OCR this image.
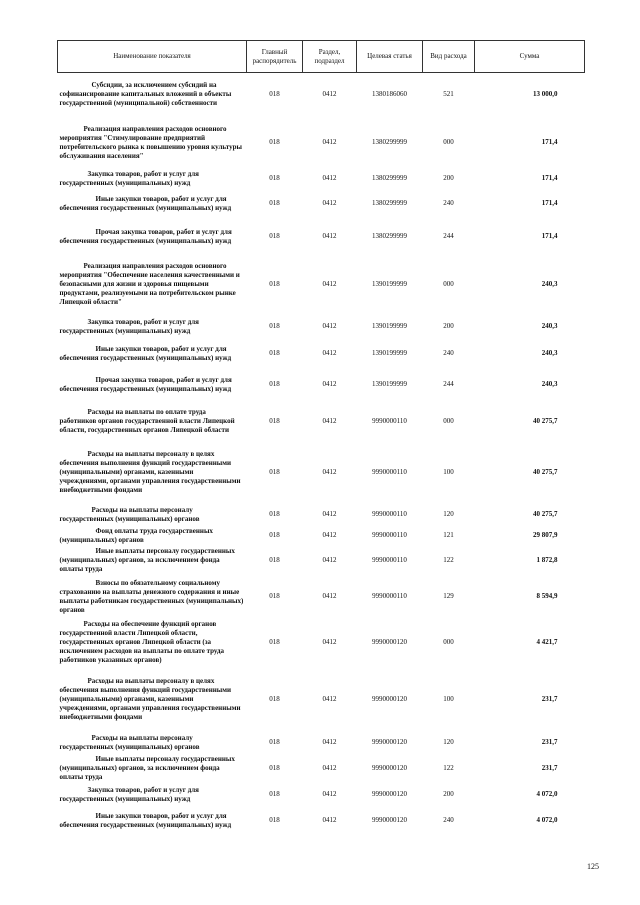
Наименование показателя	Главный распорядитель	Раздел, подраздел	Целевая статья	Вид расхода	Сумма
Субсидии, за исключением субсидий на софинансирование капитальных вложений в объекты государственной (муниципальной) собственности	018	0412	1380186060	521	13 000,0
Реализация направления расходов основного мероприятия "Стимулирование предприятий потребительского рынка к повышению уровня культуры обслуживания населения"	018	0412	1380299999	000	171,4
Закупка товаров, работ и услуг для государственных (муниципальных) нужд	018	0412	1380299999	200	171,4
Иные закупки товаров, работ и услуг для обеспечения государственных (муниципальных) нужд	018	0412	1380299999	240	171,4
Прочая закупка товаров, работ и услуг для обеспечения государственных (муниципальных) нужд	018	0412	1380299999	244	171,4
Реализация направления расходов основного мероприятия "Обеспечение населения качественными и безопасными для жизни и здоровья пищевыми продуктами, реализуемыми на потребительском рынке Липецкой области"	018	0412	1390199999	000	240,3
Закупка товаров, работ и услуг для государственных (муниципальных) нужд	018	0412	1390199999	200	240,3
Иные закупки товаров, работ и услуг для обеспечения государственных (муниципальных) нужд	018	0412	1390199999	240	240,3
Прочая закупка товаров, работ и услуг для обеспечения государственных (муниципальных) нужд	018	0412	1390199999	244	240,3
Расходы на выплаты по оплате труда работников органов государственной власти Липецкой области, государственных органов Липецкой области	018	0412	9990000110	000	40 275,7
Расходы на выплаты персоналу в целях обеспечения выполнения функций государственными (муниципальными) органами, казенными учреждениями, органами управления государственными внебюджетными фондами	018	0412	9990000110	100	40 275,7
Расходы на выплаты персоналу государственных (муниципальных) органов	018	0412	9990000110	120	40 275,7
Фонд оплаты труда государственных (муниципальных) органов	018	0412	9990000110	121	29 807,9
Иные выплаты персоналу государственных (муниципальных) органов, за исключением фонда оплаты труда	018	0412	9990000110	122	1 872,8
Взносы по обязательному социальному страхованию на выплаты денежного содержания и иные выплаты работникам государственных (муниципальных) органов	018	0412	9990000110	129	8 594,9
Расходы на обеспечение функций органов государственной власти Липецкой области, государственных органов Липецкой области (за исключением расходов на выплаты по оплате труда работников указанных органов)	018	0412	9990000120	000	4 421,7
Расходы на выплаты персоналу в целях обеспечения выполнения функций государственными (муниципальными) органами, казенными учреждениями, органами управления государственными внебюджетными фондами	018	0412	9990000120	100	231,7
Расходы на выплаты персоналу государственных (муниципальных) органов	018	0412	9990000120	120	231,7
Иные выплаты персоналу государственных (муниципальных) органов, за исключением фонда оплаты труда	018	0412	9990000120	122	231,7
Закупка товаров, работ и услуг для государственных (муниципальных) нужд	018	0412	9990000120	200	4 072,0
Иные закупки товаров, работ и услуг для обеспечения государственных (муниципальных) нужд	018	0412	9990000120	240	4 072,0
125
